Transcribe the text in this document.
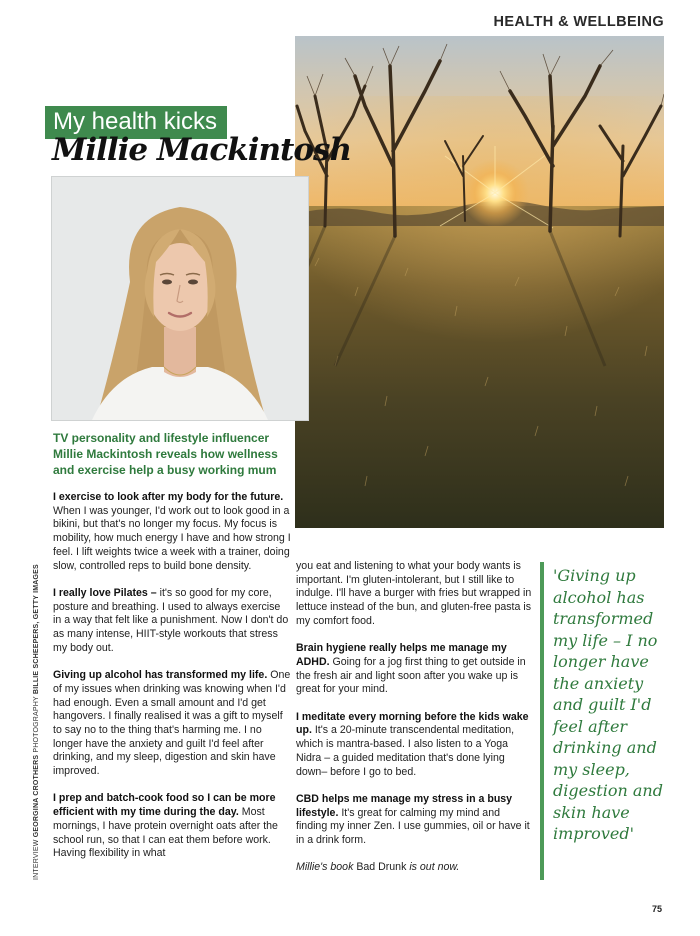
HEALTH & WELLBEING
My health kicks
Millie Mackintosh
TV personality and lifestyle influencer Millie Mackintosh reveals how wellness and exercise help a busy working mum

I exercise to look after my body for the future. When I was younger, I'd work out to look good in a bikini, but that's no longer my focus. My focus is mobility, how much energy I have and how strong I feel. I lift weights twice a week with a trainer, doing slow, controlled reps to build bone density.

I really love Pilates – it's so good for my core, posture and breathing. I used to always exercise in a way that felt like a punishment. Now I don't do as many intense, HIIT-style workouts that stress my body out.

Giving up alcohol has transformed my life. One of my issues when drinking was knowing when I'd had enough. Even a small amount and I'd get hangovers. I finally realised it was a gift to myself to say no to the thing that's harming me. I no longer have the anxiety and guilt I'd feel after drinking, and my sleep, digestion and skin have improved.

I prep and batch-cook food so I can be more efficient with my time during the day. Most mornings, I have protein overnight oats after the school run, so that I can eat them before work. Having flexibility in what

you eat and listening to what your body wants is important. I'm gluten-intolerant, but I still like to indulge. I'll have a burger with fries but wrapped in lettuce instead of the bun, and gluten-free pasta is my comfort food.

Brain hygiene really helps me manage my ADHD. Going for a jog first thing to get outside in the fresh air and light soon after you wake up is great for your mind.

I meditate every morning before the kids wake up. It's a 20-minute transcendental meditation, which is mantra-based. I also listen to a Yoga Nidra – a guided meditation that's done lying down– before I go to bed.

CBD helps me manage my stress in a busy lifestyle. It's great for calming my mind and finding my inner Zen. I use gummies, oil or have it in a drink form.

Millie's book Bad Drunk is out now.

INTERVIEW GEORGINA CROTHERS PHOTOGRAPHY BILLIE SCHEEPERS, GETTY IMAGES	'Giving up alcohol has transformed my life – I no longer have the anxiety and guilt I'd feel after drinking and my sleep, digestion and skin have improved'
75
